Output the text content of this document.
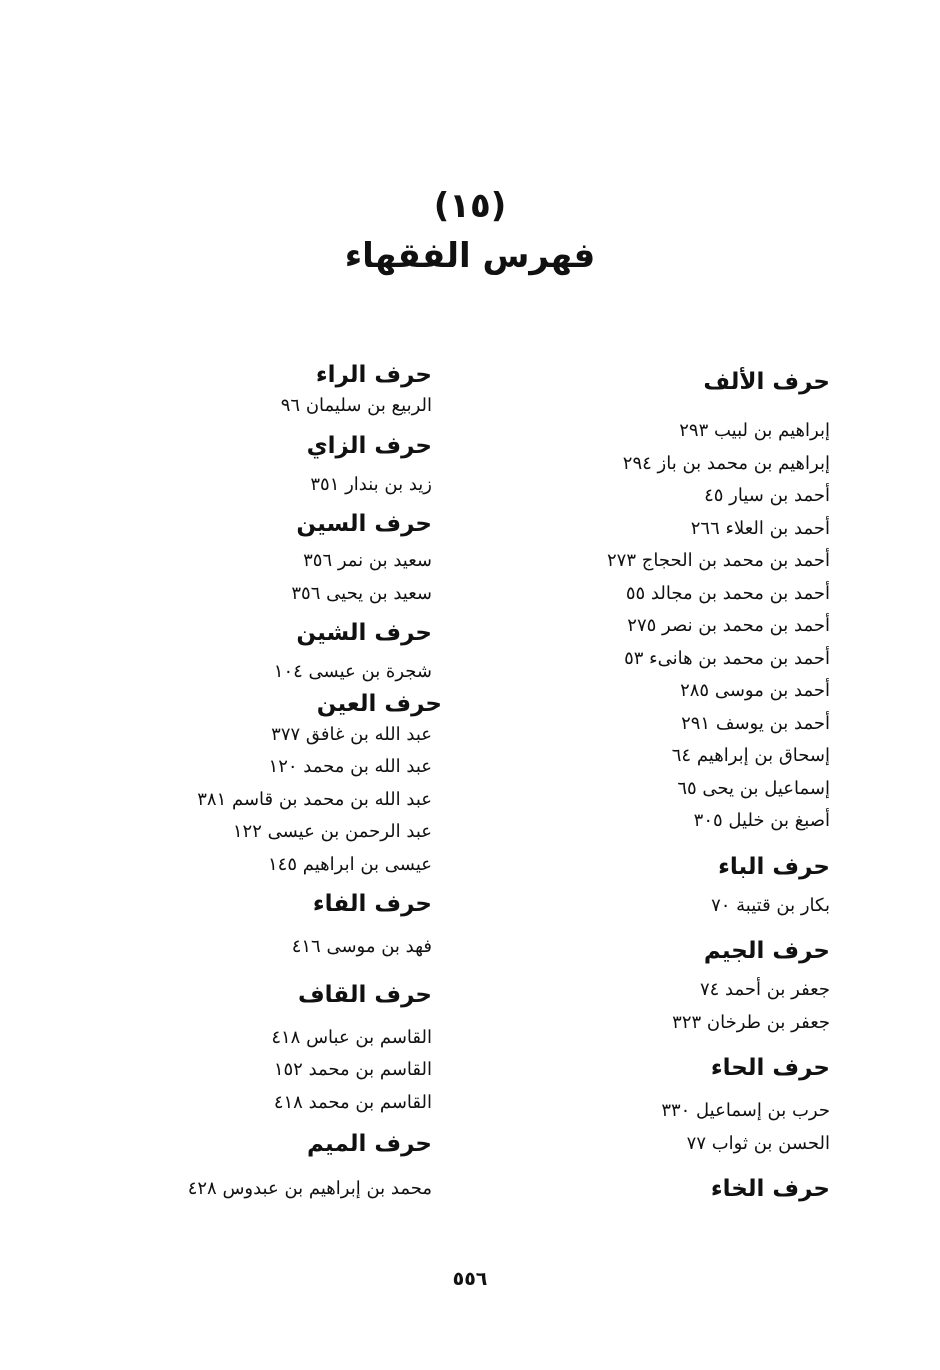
(١٥)
فهرس الفقهاء
حرف الألف
إبراهيم بن لبيب ٢٩٣
إبراهيم بن محمد بن باز ٢٩٤
أحمد بن سيار ٤٥
أحمد بن العلاء ٢٦٦
أحمد بن محمد بن الحجاج ٢٧٣
أحمد بن محمد بن مجالد ٥٥
أحمد بن محمد بن نصر ٢٧٥
أحمد بن محمد بن هانىء ٥٣
أحمد بن موسى ٢٨٥
أحمد بن يوسف ٢٩١
إسحاق بن إبراهيم ٦٤
إسماعيل بن يحى ٦٥
أصبغ بن خليل ٣٠٥
حرف الباء
بكار بن قتيبة ٧٠
حرف الجيم
جعفر بن أحمد ٧٤
جعفر بن طرخان ٣٢٣
حرف الحاء
حرب بن إسماعيل ٣٣٠
الحسن بن ثواب ٧٧
حرف الخاء
حرف الراء
الربيع بن سليمان ٩٦
حرف الزاي
زيد بن بندار ٣٥١
حرف السين
سعيد بن نمر ٣٥٦
سعيد بن يحيى ٣٥٦
حرف الشين
شجرة بن عيسى ١٠٤
حرف العين
عبد الله بن غافق ٣٧٧
عبد الله بن محمد ١٢٠
عبد الله بن محمد بن قاسم ٣٨١
عبد الرحمن بن عيسى ١٢٢
عيسى بن ابراهيم ١٤٥
حرف الفاء
فهد بن موسى ٤١٦
حرف القاف
القاسم بن عباس ٤١٨
القاسم بن محمد ١٥٢
القاسم بن محمد ٤١٨
حرف الميم
محمد بن إبراهيم بن عبدوس ٤٢٨
٥٥٦
